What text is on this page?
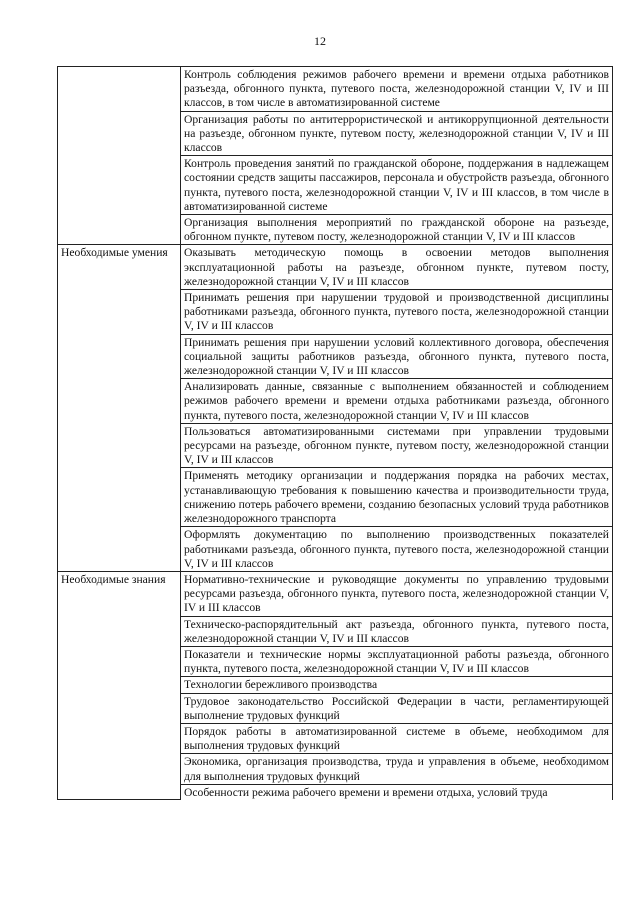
12
	Контроль соблюдения режимов рабочего времени и времени отдыха работников разъезда, обгонного пункта, путевого поста, железнодорожной станции V, IV и III классов, в том числе в автоматизированной системе
	Организация работы по антитеррористической и антикоррупционной деятельности на разъезде, обгонном пункте, путевом посту, железнодорожной станции V, IV и III классов
	Контроль проведения занятий по гражданской обороне, поддержания в надлежащем состоянии средств защиты пассажиров, персонала и обустройств разъезда, обгонного пункта, путевого поста, железнодорожной станции V, IV и III классов, в том числе в автоматизированной системе
	Организация выполнения мероприятий по гражданской обороне на разъезде, обгонном пункте, путевом посту, железнодорожной станции V, IV и III классов
Необходимые умения	Оказывать методическую помощь в освоении методов выполнения эксплуатационной работы на разъезде, обгонном пункте, путевом посту, железнодорожной станции V, IV и III классов
	Принимать решения при нарушении трудовой и производственной дисциплины работниками разъезда, обгонного пункта, путевого поста, железнодорожной станции V, IV и III классов
	Принимать решения при нарушении условий коллективного договора, обеспечения социальной защиты работников разъезда, обгонного пункта, путевого поста, железнодорожной станции V, IV и III классов
	Анализировать данные, связанные с выполнением обязанностей и соблюдением режимов рабочего времени и времени отдыха работниками разъезда, обгонного пункта, путевого поста, железнодорожной станции V, IV и III классов
	Пользоваться автоматизированными системами при управлении трудовыми ресурсами на разъезде, обгонном пункте, путевом посту, железнодорожной станции V, IV и III классов
	Применять методику организации и поддержания порядка на рабочих местах, устанавливающую требования к повышению качества и производительности труда, снижению потерь рабочего времени, созданию безопасных условий труда работников железнодорожного транспорта
	Оформлять документацию по выполнению производственных показателей работниками разъезда, обгонного пункта, путевого поста, железнодорожной станции V, IV и III классов
Необходимые знания	Нормативно-технические и руководящие документы по управлению трудовыми ресурсами разъезда, обгонного пункта, путевого поста, железнодорожной станции V, IV и III классов
	Техническо-распорядительный акт разъезда, обгонного пункта, путевого поста, железнодорожной станции V, IV и III классов
	Показатели и технические нормы эксплуатационной работы разъезда, обгонного пункта, путевого поста, железнодорожной станции V, IV и III классов
	Технологии бережливого производства
	Трудовое законодательство Российской Федерации в части, регламентирующей выполнение трудовых функций
	Порядок работы в автоматизированной системе в объеме, необходимом для выполнения трудовых функций
	Экономика, организация производства, труда и управления в объеме, необходимом для выполнения трудовых функций
	Особенности режима рабочего времени и времени отдыха, условий труда
